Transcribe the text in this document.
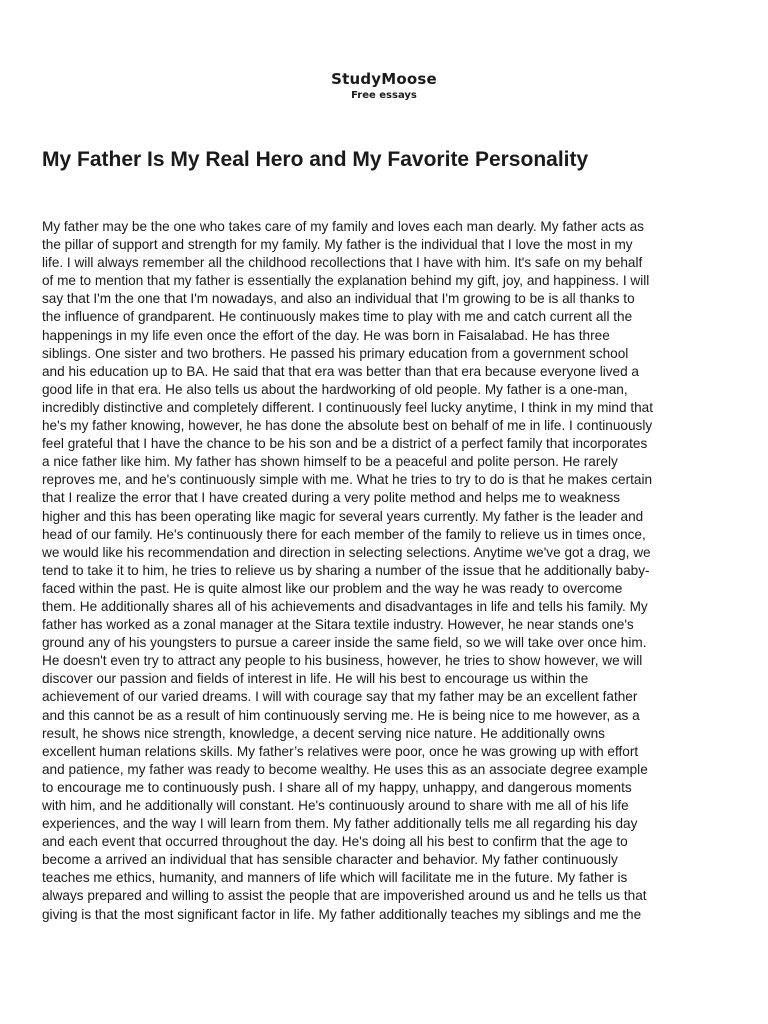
StudyMoose
Free essays
My Father Is My Real Hero and My Favorite Personality
My father may be the one who takes care of my family and loves each man dearly. My father acts as
the pillar of support and strength for my family. My father is the individual that I love the most in my
life. I will always remember all the childhood recollections that I have with him. It's safe on my behalf
of me to mention that my father is essentially the explanation behind my gift, joy, and happiness. I will
say that I'm the one that I'm nowadays, and also an individual that I'm growing to be is all thanks to
the influence of grandparent. He continuously makes time to play with me and catch current all the
happenings in my life even once the effort of the day. He was born in Faisalabad. He has three
siblings. One sister and two brothers. He passed his primary education from a government school
and his education up to BA. He said that that era was better than that era because everyone lived a
good life in that era. He also tells us about the hardworking of old people. My father is a one-man,
incredibly distinctive and completely different. I continuously feel lucky anytime, I think in my mind that
he's my father knowing, however, he has done the absolute best on behalf of me in life. I continuously
feel grateful that I have the chance to be his son and be a district of a perfect family that incorporates
a nice father like him. My father has shown himself to be a peaceful and polite person. He rarely
reproves me, and he's continuously simple with me. What he tries to try to do is that he makes certain
that I realize the error that I have created during a very polite method and helps me to weakness
higher and this has been operating like magic for several years currently. My father is the leader and
head of our family. He's continuously there for each member of the family to relieve us in times once,
we would like his recommendation and direction in selecting selections. Anytime we've got a drag, we
tend to take it to him, he tries to relieve us by sharing a number of the issue that he additionally baby-
faced within the past. He is quite almost like our problem and the way he was ready to overcome
them. He additionally shares all of his achievements and disadvantages in life and tells his family. My
father has worked as a zonal manager at the Sitara textile industry. However, he near stands one's
ground any of his youngsters to pursue a career inside the same field, so we will take over once him.
He doesn't even try to attract any people to his business, however, he tries to show however, we will
discover our passion and fields of interest in life. He will his best to encourage us within the
achievement of our varied dreams. I will with courage say that my father may be an excellent father
and this cannot be as a result of him continuously serving me. He is being nice to me however, as a
result, he shows nice strength, knowledge, a decent serving nice nature. He additionally owns
excellent human relations skills. My father’s relatives were poor, once he was growing up with effort
and patience, my father was ready to become wealthy. He uses this as an associate degree example
to encourage me to continuously push. I share all of my happy, unhappy, and dangerous moments
with him, and he additionally will constant. He's continuously around to share with me all of his life
experiences, and the way I will learn from them. My father additionally tells me all regarding his day
and each event that occurred throughout the day. He's doing all his best to confirm that the age to
become a arrived an individual that has sensible character and behavior. My father continuously
teaches me ethics, humanity, and manners of life which will facilitate me in the future. My father is
always prepared and willing to assist the people that are impoverished around us and he tells us that
giving is that the most significant factor in life. My father additionally teaches my siblings and me the
